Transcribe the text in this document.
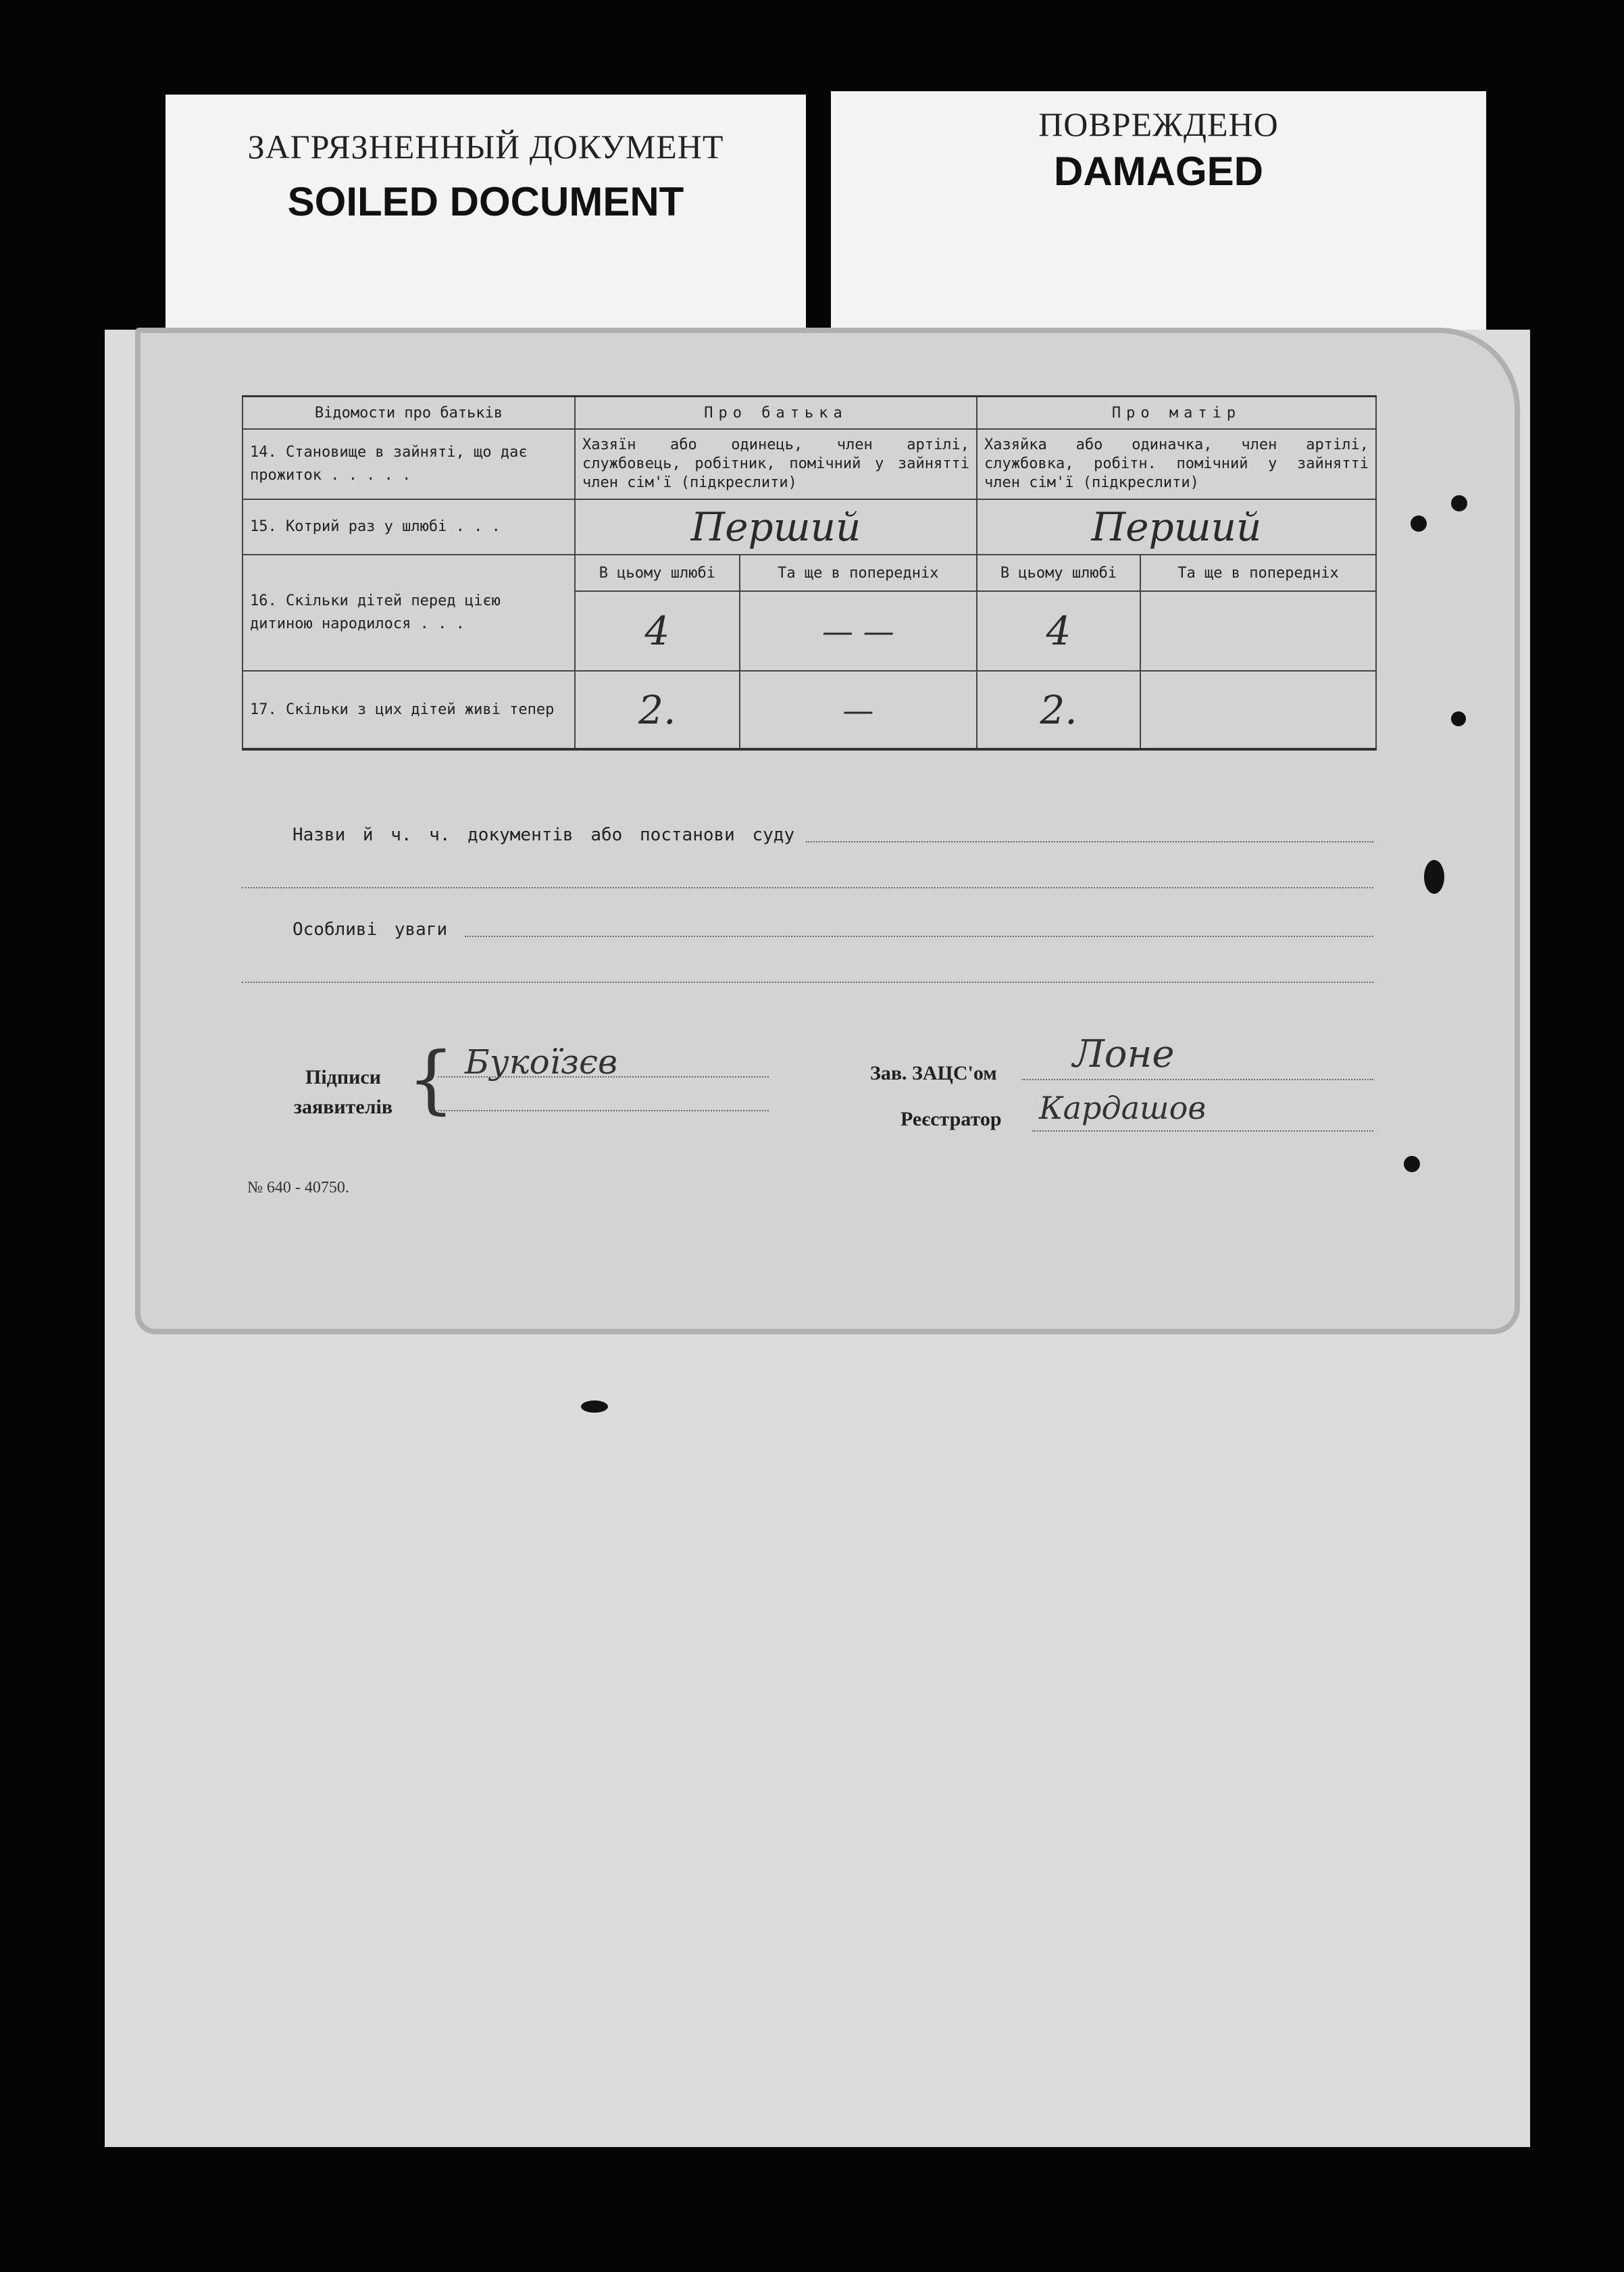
ЗАГРЯЗНЕННЫЙ ДОКУМЕНТ
SOILED DOCUMENT
ПОВРЕЖДЕНО
DAMAGED
Відомости про батьків	Про батька		Про матір	
14. Становище в зайняті, що дає прожиток . . . . .	Хазяїн або одинець, член артілі, службовець, робітник, помічний у зайнятті член сім'ї (підкреслити)		Хазяйка або одиначка, член артілі, службовка, робітн. помічний у зайнятті член сім'ї (підкреслити)	
15. Котрий раз у шлюбі . . .	Перший		Перший	
16. Скільки дітей перед цією дитиною народилося . . .	В цьому шлюбі	Та ще в попередніх	В цьому шлюбі	Та ще в попередніх
	4	— —	4	
17. Скільки з цих дітей живі тепер	2.	—	2.	
Назви й ч. ч. документів або постанови суду
Особливі уваги
Підписи
заявителів { Букоїзєв	Зав. ЗАЦС'ом Лоне
Реєстратор Кардашов
№ 640 - 40750.
